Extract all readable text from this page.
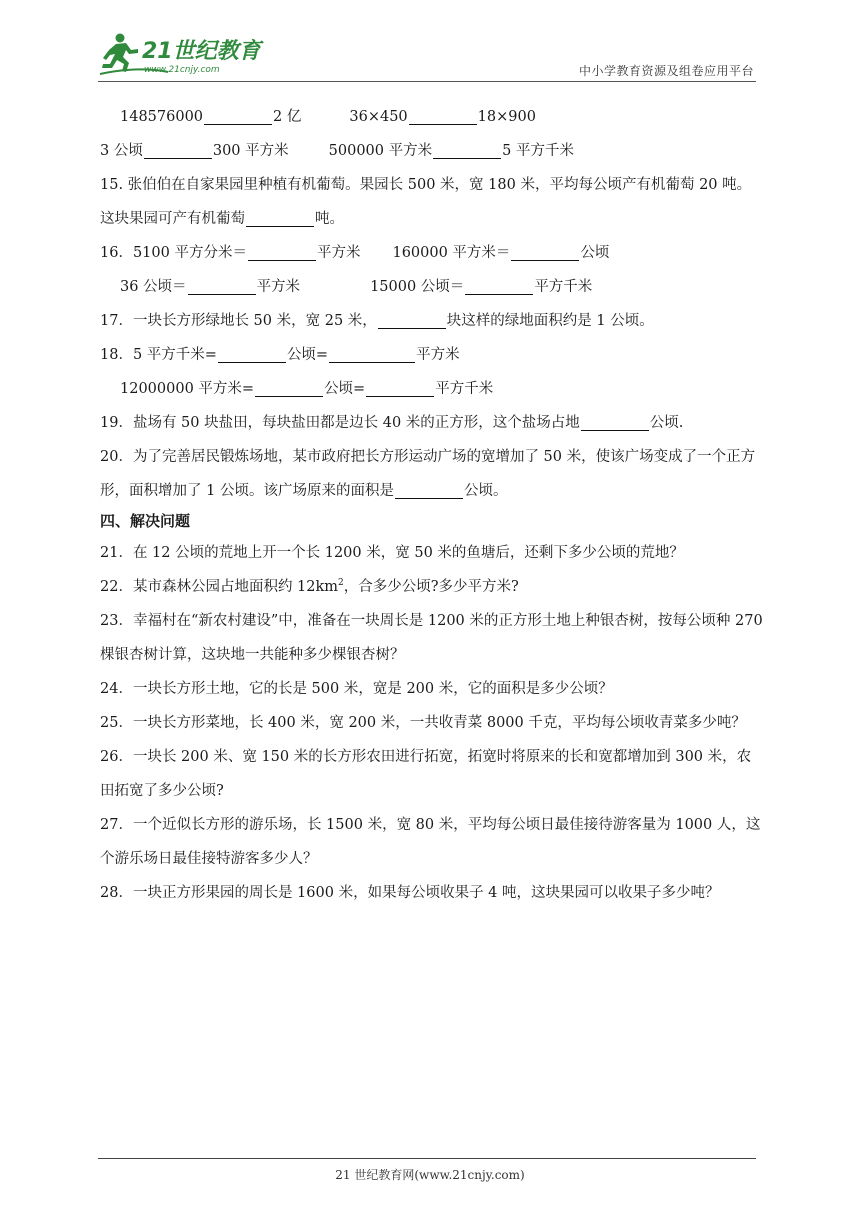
21世纪教育
www.21cnjy.com	中小学教育资源及组卷应用平台
148576000	2 亿	36×450	18×900
3 公顷	300 平方米	500000 平方米	5 平方千米
15. 张伯伯在自家果园里种植有机葡萄。果园长 500 米，宽 180 米，平均每公顷产有机葡萄 20 吨。 这块果园可产有机葡萄	吨。
16．5100 平方分米＝	平方米 160000 平方米＝	公顷
36 公顷＝	平方米	15000 公顷＝	平方千米
17．一块长方形绿地长 50 米，宽 25 米，	块这样的绿地面积约是 1 公顷。
18．5 平方千米=	公顷=	平方米
12000000 平方米=	公顷=	平方千米
19．盐场有 50 块盐田，每块盐田都是边长 40 米的正方形，这个盐场占地	公顷.
20．为了完善居民锻炼场地，某市政府把长方形运动广场的宽增加了 50 米，使该广场变成了一个正方形，面积增加了 1 公顷。该广场原来的面积是	公顷。
四、解决问题
21．在 12 公顷的荒地上开一个长 1200 米，宽 50 米的鱼塘后，还剩下多少公顷的荒地？
22．某市森林公园占地面积约 $12km^2$，合多少公顷?多少平方米?
23．幸福村在“新农村建设”中，准备在一块周长是 1200 米的正方形土地上种银杏树，按每公顷种 270 棵银杏树计算，这块地一共能种多少棵银杏树？
24．一块长方形土地，它的长是 500 米，宽是 200 米，它的面积是多少公顷？
25．一块长方形菜地，长 400 米，宽 200 米，一共收青菜 8000 千克，平均每公顷收青菜多少吨？
26．一块长 200 米、宽 150 米的长方形农田进行拓宽，拓宽时将原来的长和宽都增加到 300 米，农田拓宽了多少公顷?
27．一个近似长方形的游乐场，长 1500 米，宽 80 米，平均每公顷日最佳接待游客量为 1000 人，这个游乐场日最佳接特游客多少人？
28．一块正方形果园的周长是 1600 米，如果每公顷收果子 4 吨，这块果园可以收果子多少吨？
21 世纪教育网(www.21cnjy.com)
